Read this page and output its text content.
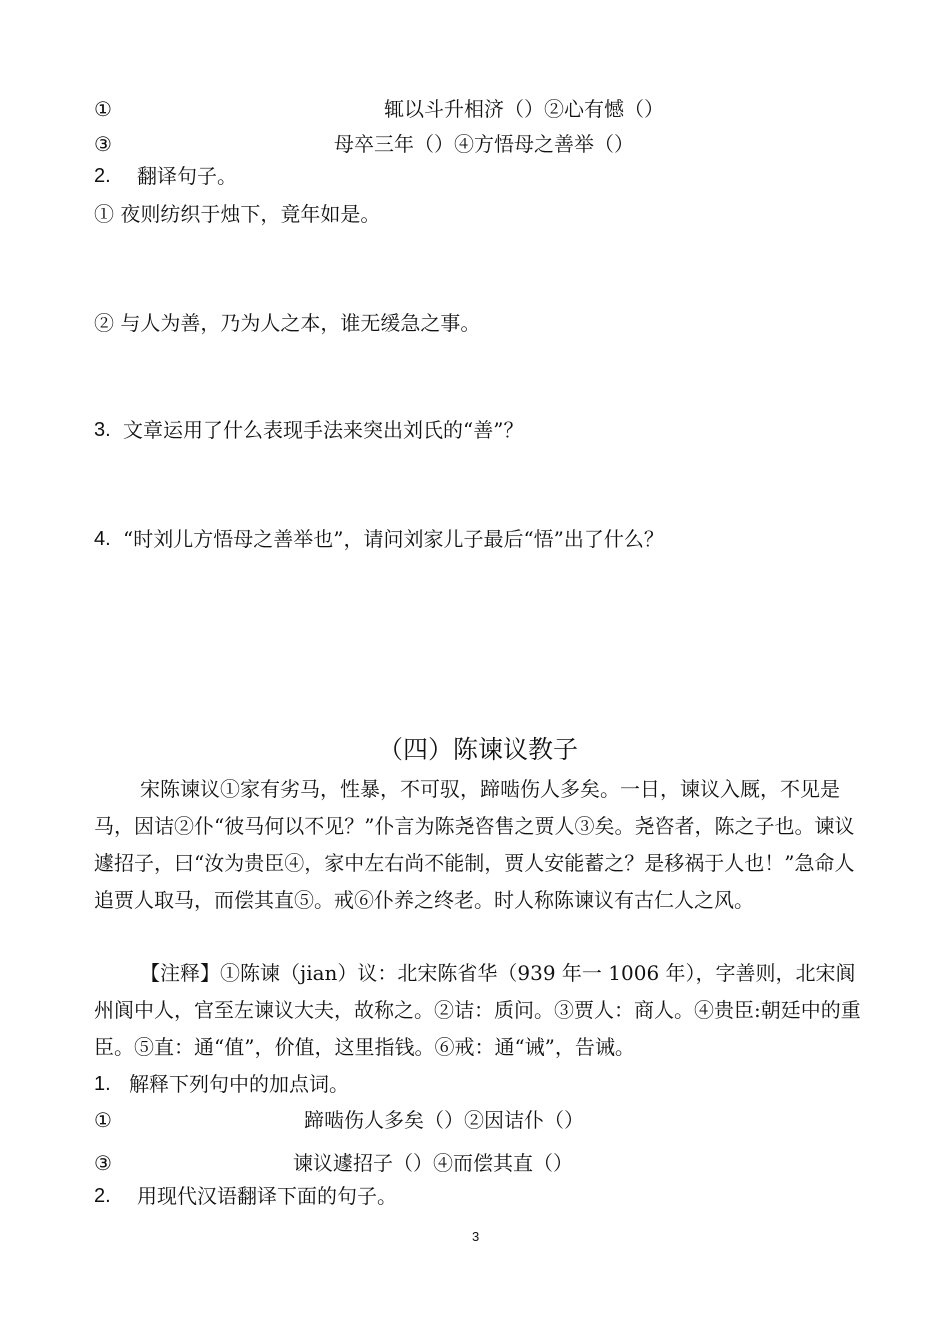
①	辄以斗升相济（）②心有憾（）
③	母卒三年（）④方悟母之善举（）
2. 翻译句子。
① 夜则纺织于烛下，竟年如是。
② 与人为善，乃为人之本，谁无缓急之事。
3. 文章运用了什么表现手法来突出刘氏的“善”？
4. “时刘儿方悟母之善举也”，请问刘家儿子最后“悟”出了什么？
（四）陈谏议教子

宋陈谏议①家有劣马，性暴，不可驭，蹄啮伤人多矣。一日，谏议入厩，不见是马，因诘②仆“彼马何以不见？”仆言为陈尧咨售之贾人③矣。尧咨者，陈之子也。谏议遽招子，曰“汝为贵臣④，家中左右尚不能制，贾人安能蓄之？是移祸于人也！”急命人追贾人取马，而偿其直⑤。戒⑥仆养之终老。时人称陈谏议有古仁人之风。

【注释】①陈谏（jian）议：北宋陈省华（939 年一 1006 年），字善则，北宋阆州阆中人，官至左谏议大夫，故称之。②诘：质问。③贾人：商人。④贵臣:朝廷中的重臣。⑤直：通“值”，价值，这里指钱。⑥戒：通“诫”，告诫。

1. 解释下列句中的加点词。
①	蹄啮伤人多矣（）②因诘仆（）
③	谏议遽招子（）④而偿其直（）
2. 用现代汉语翻译下面的句子。
3
